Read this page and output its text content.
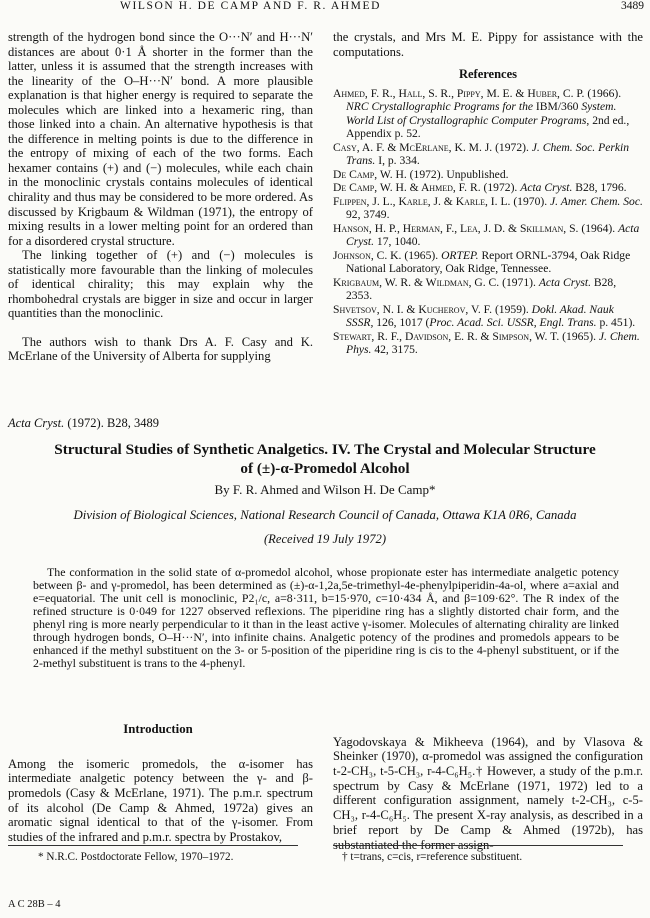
WILSON H. DE CAMP AND F. R. AHMED	3489

strength of the hydrogen bond since the O···N′ and H···N′ distances are about 0·1 Å shorter in the former than the latter, unless it is assumed that the strength increases with the linearity of the O–H···N′ bond. A more plausible explanation is that higher energy is required to separate the molecules which are linked into a hexameric ring, than those linked into a chain. An alternative hypothesis is that the difference in melting points is due to the difference in the entropy of mixing of each of the two forms. Each hexamer contains (+) and (−) molecules, while each chain in the monoclinic crystals contains molecules of identical chirality and thus may be considered to be more ordered. As discussed by Krigbaum & Wildman (1971), the entropy of mixing results in a lower melting point for an ordered than for a disordered crystal structure.

The linking together of (+) and (−) molecules is statistically more favourable than the linking of molecules of identical chirality; this may explain why the rhombohedral crystals are bigger in size and occur in larger quantities than the monoclinic.

The authors wish to thank Drs A. F. Casy and K. McErlane of the University of Alberta for supplying

the crystals, and Mrs M. E. Pippy for assistance with the computations.

References
Ahmed, F. R., Hall, S. R., Pippy, M. E. & Huber, C. P. (1966). NRC Crystallographic Programs for the IBM/360 System. World List of Crystallographic Computer Programs, 2nd ed., Appendix p. 52.
Casy, A. F. & McErlane, K. M. J. (1972). J. Chem. Soc. Perkin Trans. I, p. 334.
De Camp, W. H. (1972). Unpublished.
De Camp, W. H. & Ahmed, F. R. (1972). Acta Cryst. B28, 1796.
Flippen, J. L., Karle, J. & Karle, I. L. (1970). J. Amer. Chem. Soc. 92, 3749.
Hanson, H. P., Herman, F., Lea, J. D. & Skillman, S. (1964). Acta Cryst. 17, 1040.
Johnson, C. K. (1965). ORTEP. Report ORNL-3794, Oak Ridge National Laboratory, Oak Ridge, Tennessee.
Krigbaum, W. R. & Wildman, G. C. (1971). Acta Cryst. B28, 2353.
Shvetsov, N. I. & Kucherov, V. F. (1959). Dokl. Akad. Nauk SSSR, 126, 1017 (Proc. Acad. Sci. USSR, Engl. Trans. p. 451).
Stewart, R. F., Davidson, E. R. & Simpson, W. T. (1965). J. Chem. Phys. 42, 3175.
Acta Cryst. (1972). B28, 3489
Structural Studies of Synthetic Analgetics. IV. The Crystal and Molecular Structure
of (±)-α-Promedol Alcohol
By F. R. Ahmed and Wilson H. De Camp*
Division of Biological Sciences, National Research Council of Canada, Ottawa K1A 0R6, Canada
(Received 19 July 1972)

The conformation in the solid state of α-promedol alcohol, whose propionate ester has intermediate analgetic potency between β- and γ-promedol, has been determined as (±)-α-1,2a,5e-trimethyl-4e-phenylpiperidin-4a-ol, where a=axial and e=equatorial. The unit cell is monoclinic, P2₁/c, a=8·311, b=15·970, c=10·434 Å, and β=109·62°. The R index of the refined structure is 0·049 for 1227 observed reflexions. The piperidine ring has a slightly distorted chair form, and the phenyl ring is more nearly perpendicular to it than in the least active γ-isomer. Molecules of alternating chirality are linked through hydrogen bonds, O–H···N′, into infinite chains. Analgetic potency of the prodines and promedols appears to be enhanced if the methyl substituent on the 3- or 5-position of the piperidine ring is cis to the 4-phenyl substituent, or if the 2-methyl substituent is trans to the 4-phenyl.

Introduction

Among the isomeric promedols, the α-isomer has intermediate analgetic potency between the γ- and β-promedols (Casy & McErlane, 1971). The p.m.r. spectrum of its alcohol (De Camp & Ahmed, 1972a) gives an aromatic signal identical to that of the γ-isomer. From studies of the infrared and p.m.r. spectra by Prostakov,

Yagodovskaya & Mikheeva (1964), and by Vlasova & Sheinker (1970), α-promedol was assigned the configuration t-2-CH₃, t-5-CH₃, r-4-C₆H₅.† However, a study of the p.m.r. spectrum by Casy & McErlane (1971, 1972) led to a different configuration assignment, namely t-2-CH₃, c-5-CH₃, r-4-C₆H₅. The present X-ray analysis, as described in a brief report by De Camp & Ahmed (1972b), has substantiated the former assign-

* N.R.C. Postdoctorate Fellow, 1970–1972.	† t=trans, c=cis, r=reference substituent.
A C 28B – 4
